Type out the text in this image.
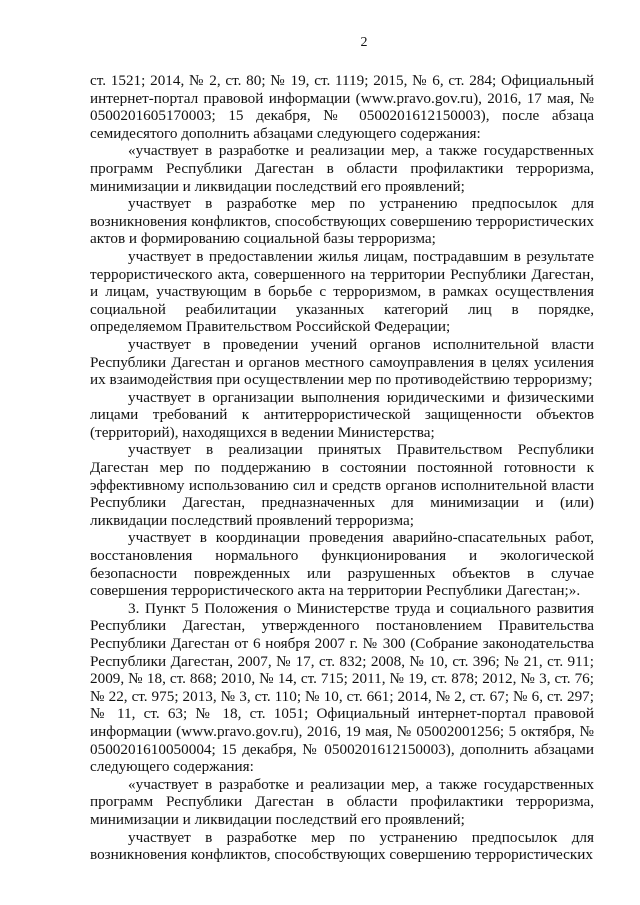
2

ст. 1521; 2014, № 2, ст. 80; № 19, ст. 1119; 2015, № 6, ст. 284; Официальный интернет-портал правовой информации (www.pravo.gov.ru), 2016, 17 мая, № 0500201605170003; 15 декабря, № 0500201612150003), после абзаца семидесятого дополнить абзацами следующего содержания:

«участвует в разработке и реализации мер, а также государственных программ Республики Дагестан в области профилактики терроризма, минимизации и ликвидации последствий его проявлений;

участвует в разработке мер по устранению предпосылок для возникновения конфликтов, способствующих совершению террористических актов и формированию социальной базы терроризма;

участвует в предоставлении жилья лицам, пострадавшим в результате террористического акта, совершенного на территории Республики Дагестан, и лицам, участвующим в борьбе с терроризмом, в рамках осуществления социальной реабилитации указанных категорий лиц в порядке, определяемом Правительством Российской Федерации;

участвует в проведении учений органов исполнительной власти Республики Дагестан и органов местного самоуправления в целях усиления их взаимодействия при осуществлении мер по противодействию терроризму;

участвует в организации выполнения юридическими и физическими лицами требований к антитеррористической защищенности объектов (территорий), находящихся в ведении Министерства;

участвует в реализации принятых Правительством Республики Дагестан мер по поддержанию в состоянии постоянной готовности к эффективному использованию сил и средств органов исполнительной власти Республики Дагестан, предназначенных для минимизации и (или) ликвидации последствий проявлений терроризма;

участвует в координации проведения аварийно-спасательных работ, восстановления нормального функционирования и экологической безопасности поврежденных или разрушенных объектов в случае совершения террористического акта на территории Республики Дагестан;».

3. Пункт 5 Положения о Министерстве труда и социального развития Республики Дагестан, утвержденного постановлением Правительства Республики Дагестан от 6 ноября 2007 г. № 300 (Собрание законодательства Республики Дагестан, 2007, № 17, ст. 832; 2008, № 10, ст. 396; № 21, ст. 911; 2009, № 18, ст. 868; 2010, № 14, ст. 715; 2011, № 19, ст. 878; 2012, № 3, ст. 76; № 22, ст. 975; 2013, № 3, ст. 110; № 10, ст. 661; 2014, № 2, ст. 67; № 6, ст. 297; № 11, ст. 63; № 18, ст. 1051; Официальный интернет-портал правовой информации (www.pravo.gov.ru), 2016, 19 мая, № 05002001256; 5 октября, № 0500201610050004; 15 декабря, № 0500201612150003), дополнить абзацами следующего содержания:

«участвует в разработке и реализации мер, а также государственных программ Республики Дагестан в области профилактики терроризма, минимизации и ликвидации последствий его проявлений;

участвует в разработке мер по устранению предпосылок для возникновения конфликтов, способствующих совершению террористических
